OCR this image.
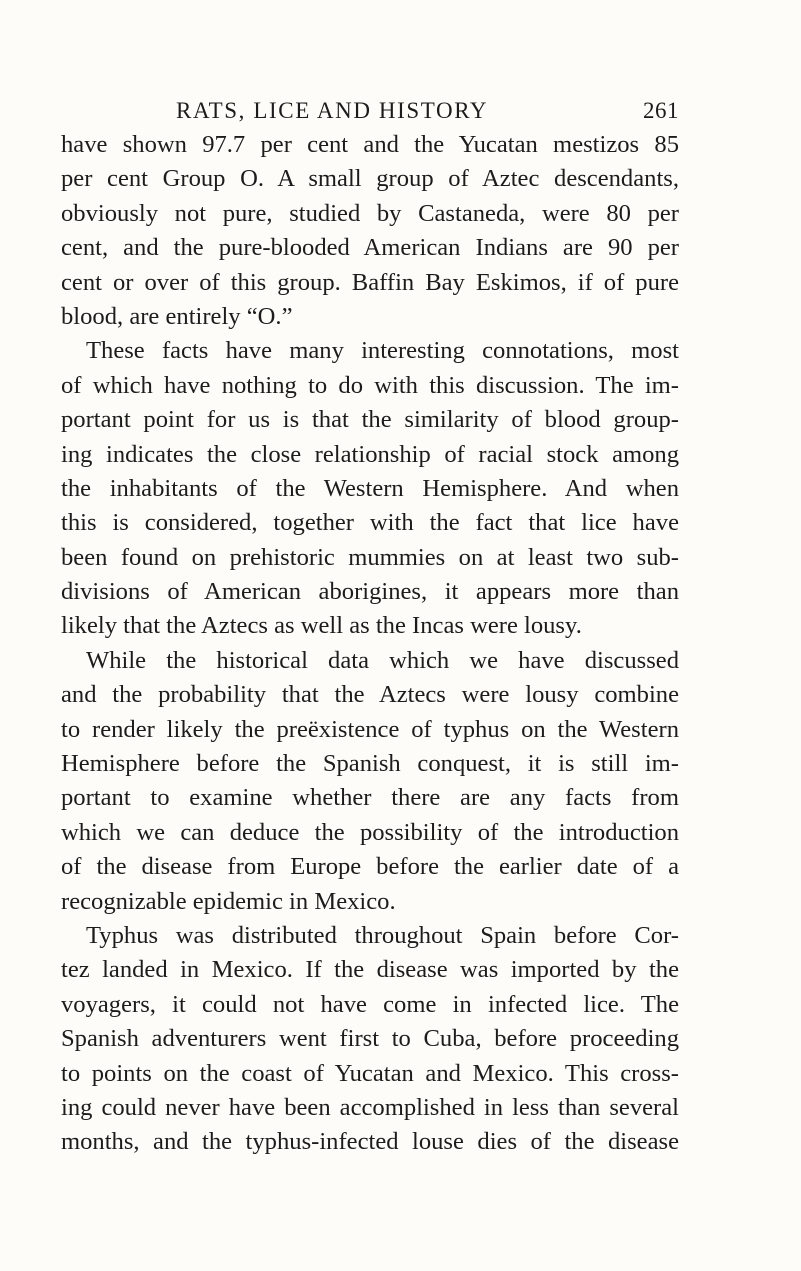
RATS, LICE AND HISTORY	261
have shown 97.7 per cent and the Yucatan mestizos 85
per cent Group O. A small group of Aztec descendants,
obviously not pure, studied by Castaneda, were 80 per
cent, and the pure-blooded American Indians are 90 per
cent or over of this group. Baffin Bay Eskimos, if of pure
blood, are entirely “O.”
These facts have many interesting connotations, most
of which have nothing to do with this discussion. The im-
portant point for us is that the similarity of blood group-
ing indicates the close relationship of racial stock among
the inhabitants of the Western Hemisphere. And when
this is considered, together with the fact that lice have
been found on prehistoric mummies on at least two sub-
divisions of American aborigines, it appears more than
likely that the Aztecs as well as the Incas were lousy.
While the historical data which we have discussed
and the probability that the Aztecs were lousy combine
to render likely the preëxistence of typhus on the Western
Hemisphere before the Spanish conquest, it is still im-
portant to examine whether there are any facts from
which we can deduce the possibility of the introduction
of the disease from Europe before the earlier date of a
recognizable epidemic in Mexico.
Typhus was distributed throughout Spain before Cor-
tez landed in Mexico. If the disease was imported by the
voyagers, it could not have come in infected lice. The
Spanish adventurers went first to Cuba, before proceeding
to points on the coast of Yucatan and Mexico. This cross-
ing could never have been accomplished in less than several
months, and the typhus-infected louse dies of the disease
